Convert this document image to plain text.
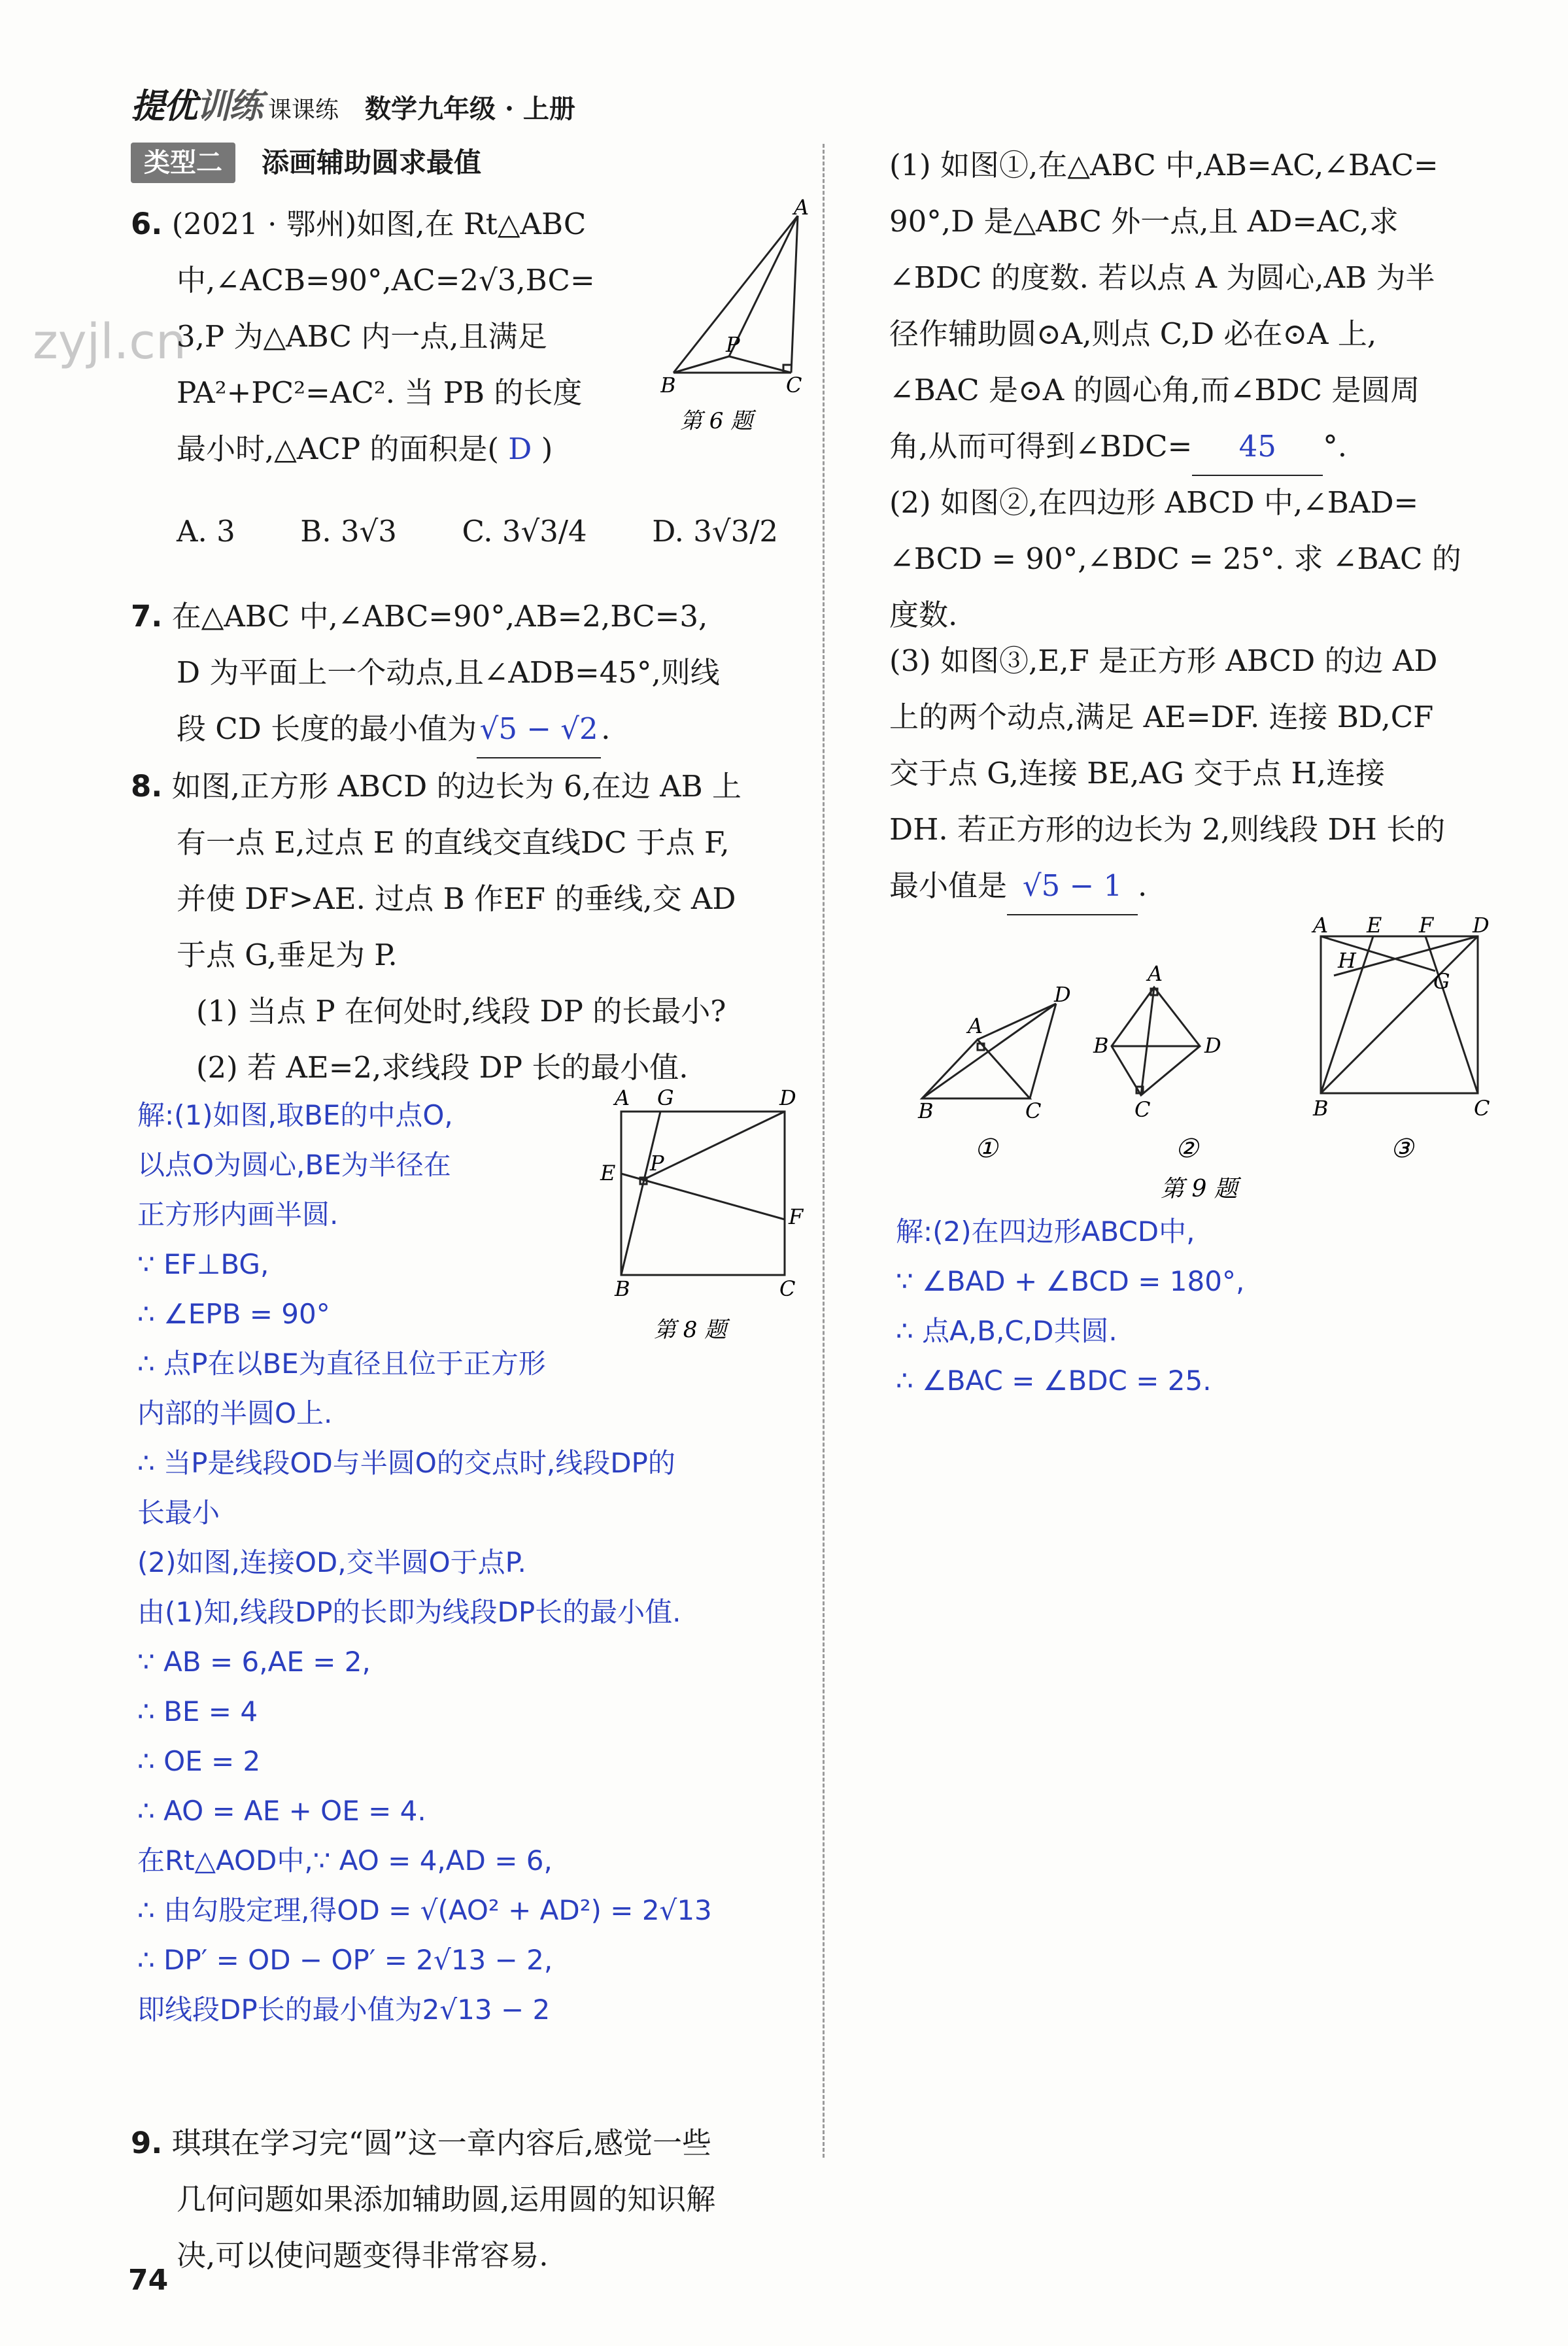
提优训练 课课练 数学九年级 · 上册
类型二	添画辅助圆求最值
zyjl.cn
6. (2021 · 鄂州)如图,在 Rt△ABC
中,∠ACB=90°,AC=2√3,BC=
3,P 为△ABC 内一点,且满足
PA²+PC²=AC². 当 PB 的长度
最小时,△ACP 的面积是( D )
A. 3 B. 3√3 C. 3√3/4 D. 3√3/2
A
B	C
P
第 6 题
7. 在△ABC 中,∠ABC=90°,AB=2,BC=3,
D 为平面上一个动点,且∠ADB=45°,则线
段 CD 长度的最小值为 √5 − √2 .
8. 如图,正方形 ABCD 的边长为 6,在边 AB 上
有一点 E,过点 E 的直线交直线DC 于点 F,
并使 DF>AE. 过点 B 作EF 的垂线,交 AD
于点 G,垂足为 P.
(1) 当点 P 在何处时,线段 DP 的长最小?
(2) 若 AE=2,求线段 DP 长的最小值.
解:(1)如图,取BE的中点O,
以点O为圆心,BE为半径在
正方形内画半圆.
∵ EF⊥BG,
∴ ∠EPB = 90°
∴ 点P在以BE为直径且位于正方形
内部的半圆O上.
∴ 当P是线段OD与半圆O的交点时,线段DP的
长最小
(2)如图,连接OD,交半圆O于点P.
由(1)知,线段DP的长即为线段DP长的最小值.
∵ AB = 6,AE = 2,
∴ BE = 4
∴ OE = 2
∴ AO = AE + OE = 4.
在Rt△AOD中,∵ AO = 4,AD = 6,
∴ 由勾股定理,得OD = √(AO² + AD²) = 2√13
∴ DP′ = OD − OP′ = 2√13 − 2,
即线段DP长的最小值为2√13 − 2
A G	D
E P
F
B	C
第 8 题
9. 琪琪在学习完“圆”这一章内容后,感觉一些
几何问题如果添加辅助圆,运用圆的知识解
决,可以使问题变得非常容易.
(1) 如图①,在△ABC 中,AB=AC,∠BAC=
90°,D 是△ABC 外一点,且 AD=AC,求
∠BDC 的度数. 若以点 A 为圆心,AB 为半
径作辅助圆⊙A,则点 C,D 必在⊙A 上,
∠BAC 是⊙A 的圆心角,而∠BDC 是圆周
角,从而可得到∠BDC= 45 °.
(2) 如图②,在四边形 ABCD 中,∠BAD=
∠BCD = 90°,∠BDC = 25°. 求 ∠BAC 的
度数.
(3) 如图③,E,F 是正方形 ABCD 的边 AD
上的两个动点,满足 AE=DF. 连接 BD,CF
交于点 G,连接 BE,AG 交于点 H,连接
DH. 若正方形的边长为 2,则线段 DH 长的
最小值是 √5 − 1 .
A
B	C
D
①
A
B
C
D
②
A E F D
H
G
B	C
③
第 9 题
解:(2)在四边形ABCD中,
∵ ∠BAD + ∠BCD = 180°,
∴ 点A,B,C,D共圆.
∴ ∠BAC = ∠BDC = 25.
74
